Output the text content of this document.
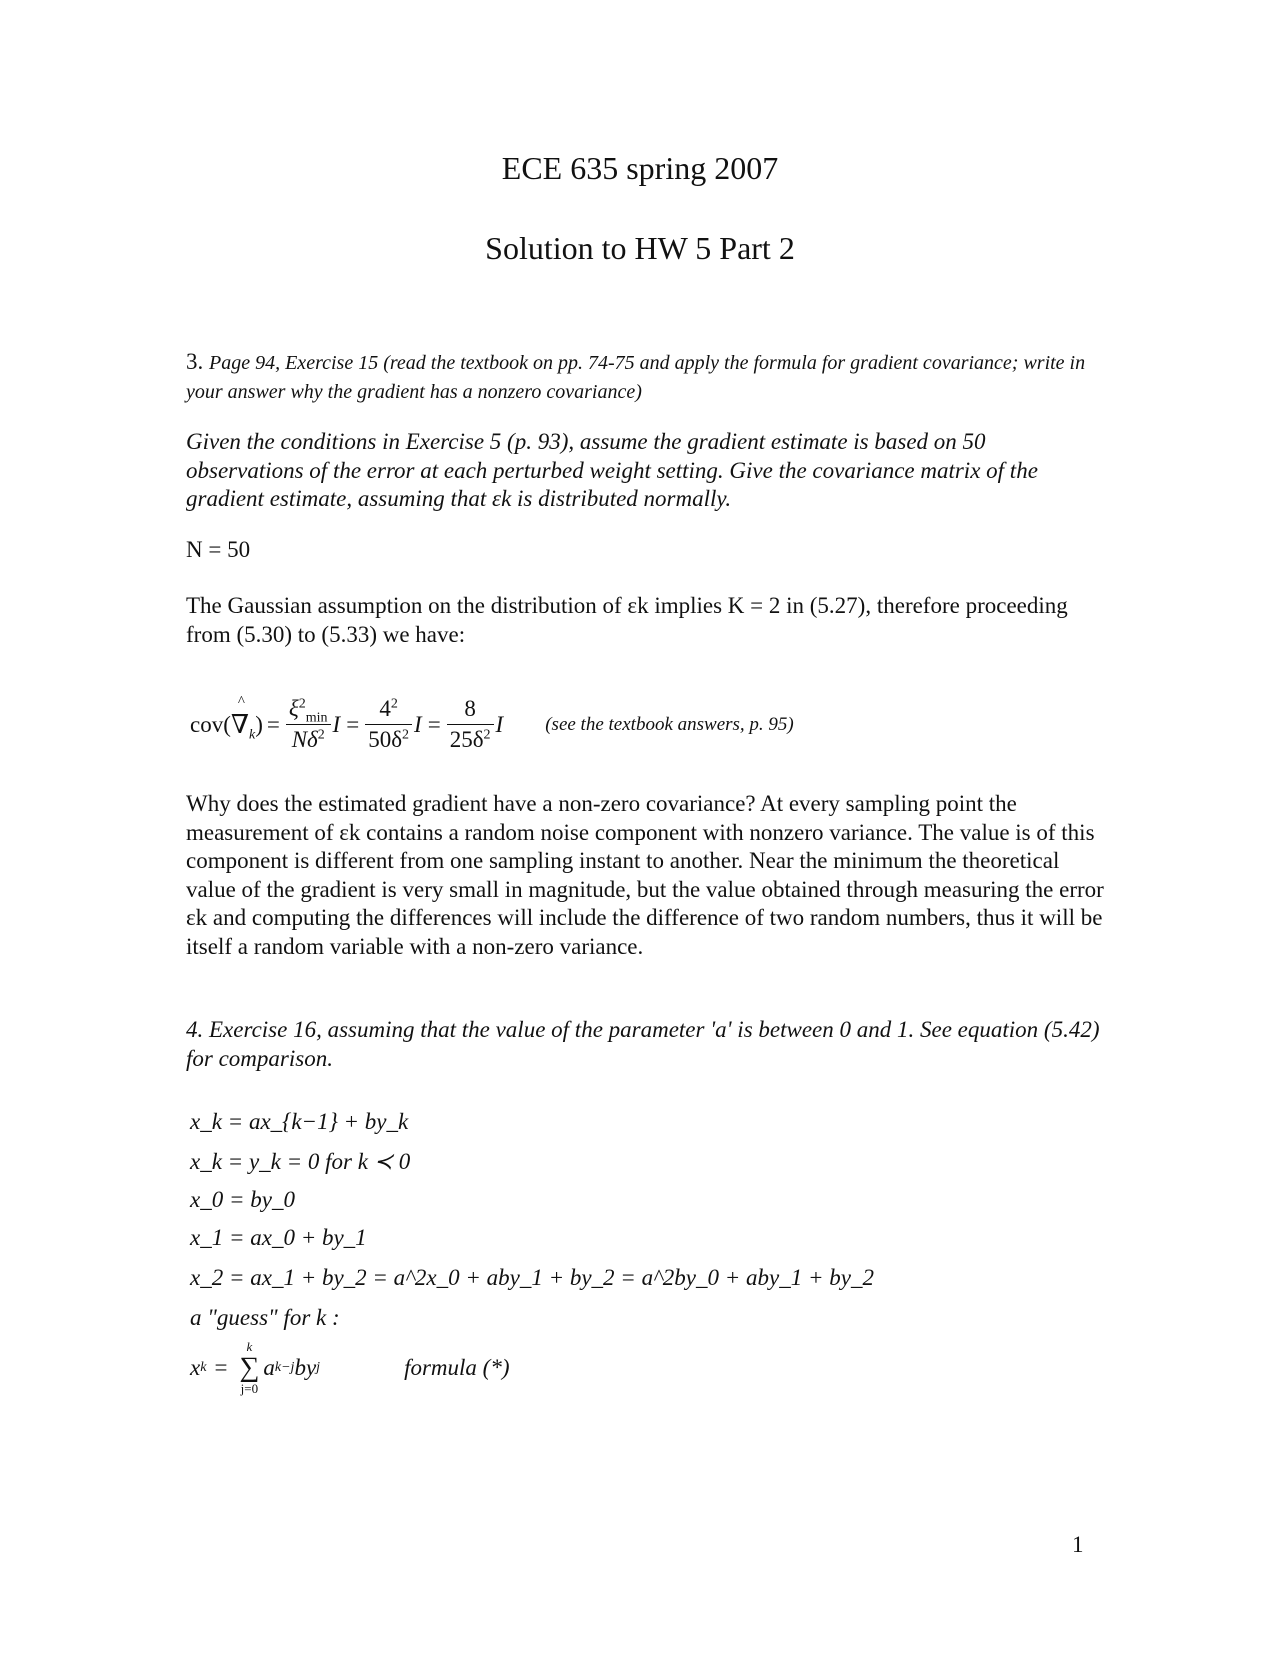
ECE 635 spring 2007
Solution to HW 5 Part 2
3. Page 94, Exercise 15 (read the textbook on pp. 74-75 and apply the formula for gradient covariance; write in your answer why the gradient has a nonzero covariance)
Given the conditions in Exercise 5 (p. 93), assume the gradient estimate is based on 50 observations of the error at each perturbed weight setting. Give the covariance matrix of the gradient estimate, assuming that εk is distributed normally.
N = 50
The Gaussian assumption on the distribution of εk implies K = 2 in (5.27), therefore proceeding from (5.30) to (5.33) we have:
cov(
^
$\nabla_k$ ) = $\frac{\xi^2_{min}}{N\delta^2}$ $I = \frac{4^2}{50\delta^2}$ $I = \frac{8}{25\delta^2}$ I (see the textbook answers, p. 95)
Why does the estimated gradient have a non-zero covariance? At every sampling point the measurement of εk contains a random noise component with nonzero variance. The value is of this component is different from one sampling instant to another. Near the minimum the theoretical value of the gradient is very small in magnitude, but the value obtained through measuring the error εk and computing the differences will include the difference of two random numbers, thus it will be itself a random variable with a non-zero variance.
4. Exercise 16, assuming that the value of the parameter 'a' is between 0 and 1. See equation (5.42) for comparison.
x_k = ax_{k−1} + by_k
x_k = y_k = 0 for k ≺ 0
x_0 = by_0
x_1 = ax_0 + by_1
x_2 = ax_1 + by_2 = a^2x_0 + aby_1 + by_2 = a^2by_0 + aby_1 + by_2
a "guess" for k :
x k =
k
∑
j=0
a k−j by j	formula (*)
1
